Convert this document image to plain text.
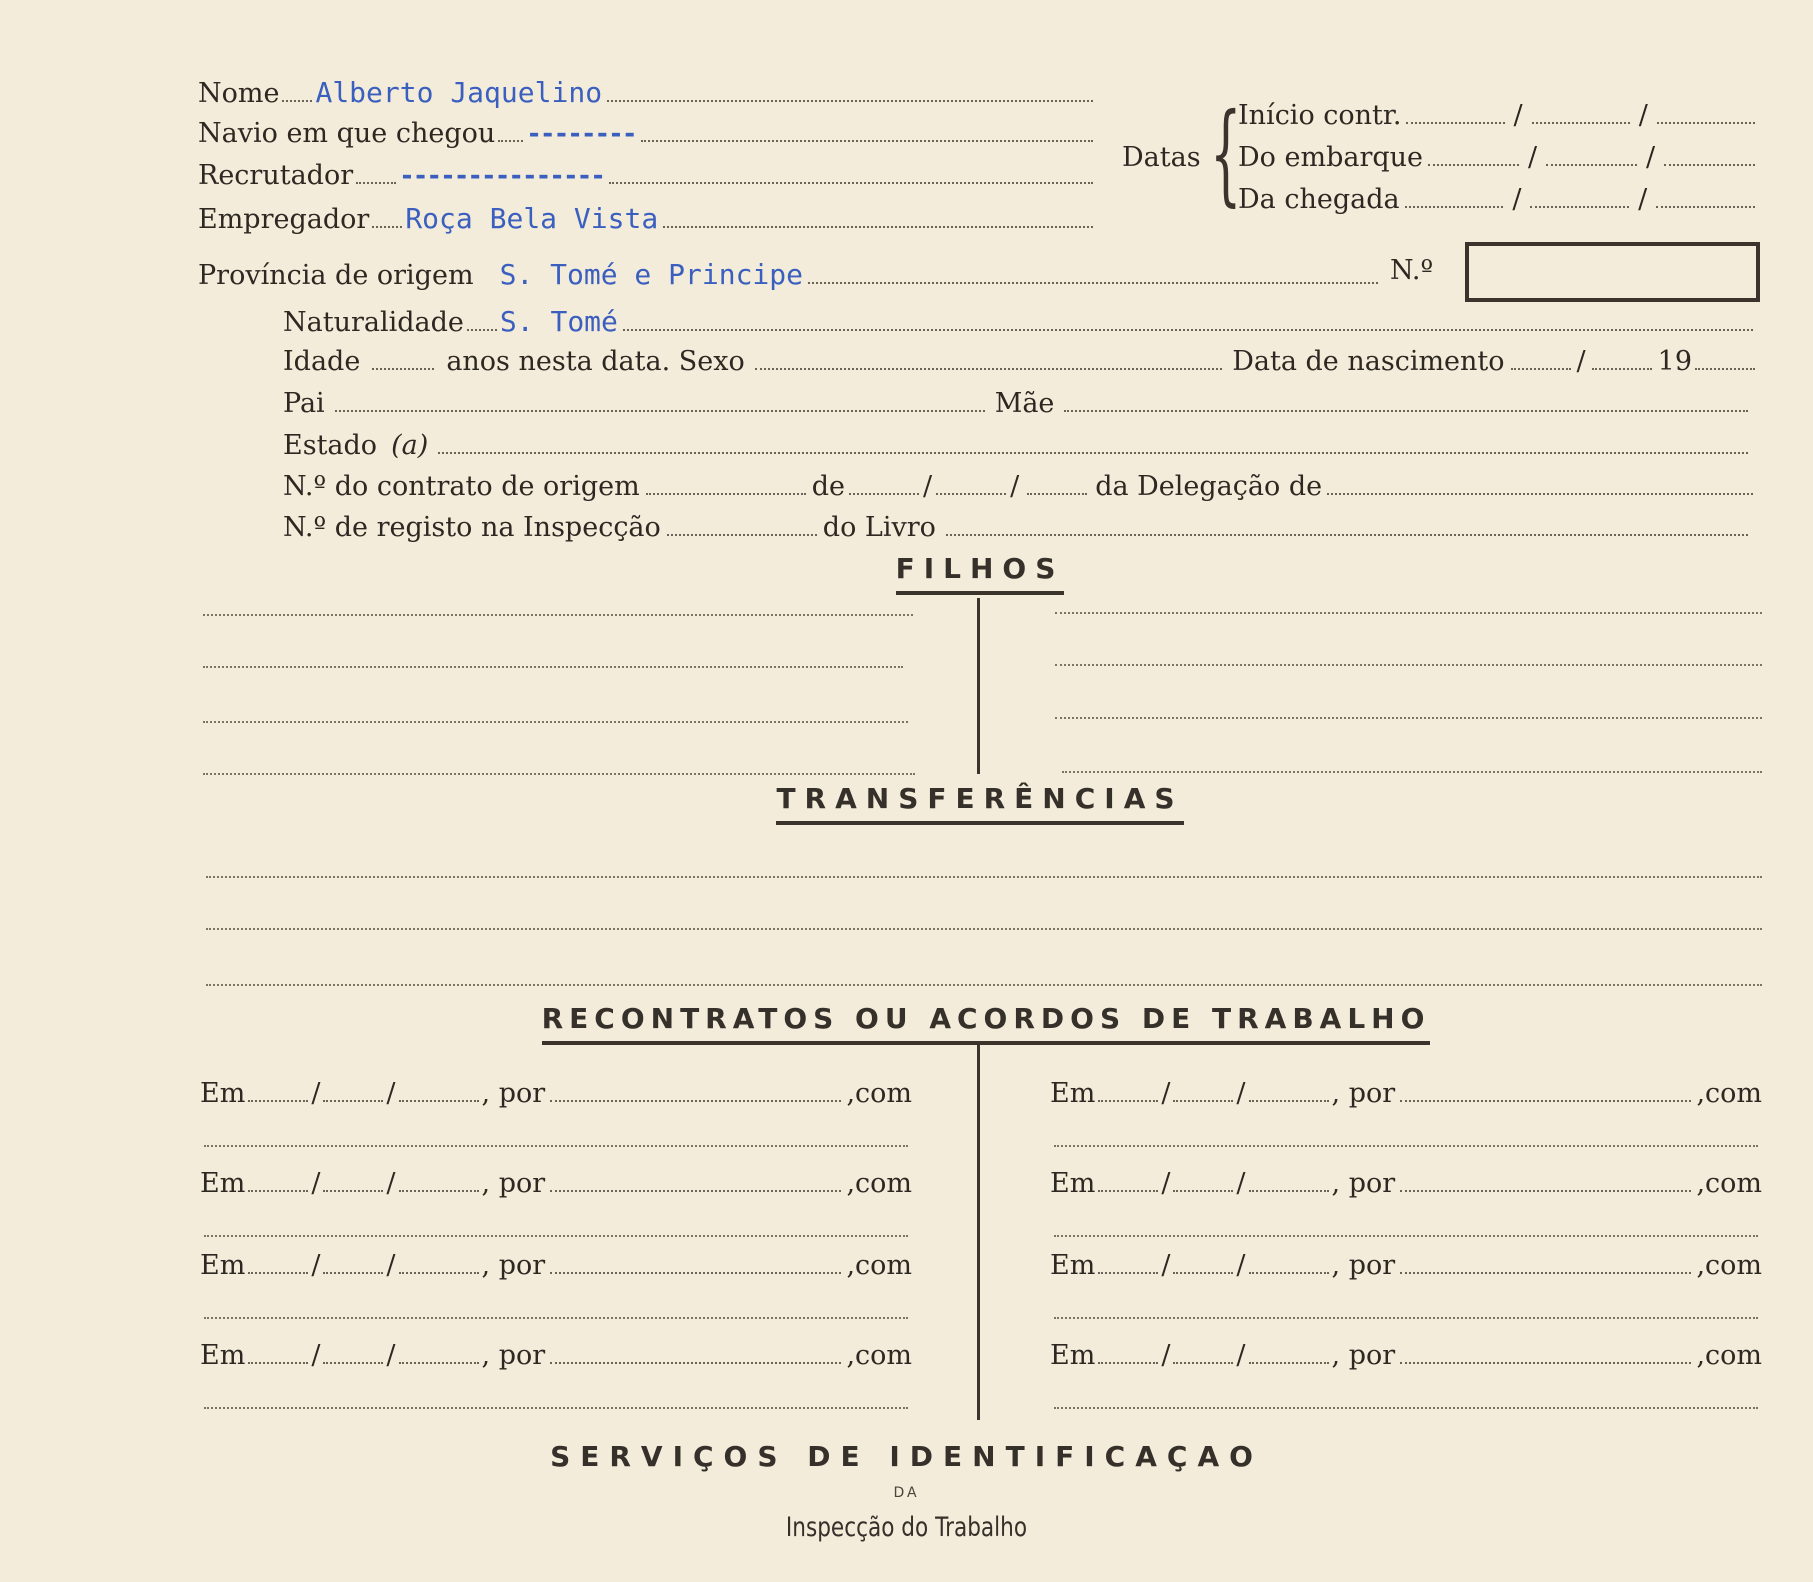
Nome Alberto Jaquelino
Navio em que chegou --------
Recrutador ---------------
Empregador Roça Bela Vista
Datas {
Início contr.	/	/
Do embarque	/	/
Da chegada	/	/
Província de origem S. Tomé e Principe	N.º
Naturalidade S. Tomé
Idade	anos nesta data. Sexo	Data de nascimento	/	19
Pai	Mãe
Estado (a)
N.º do contrato de origem	de	/	/	da Delegação de
N.º de registo na Inspecção	do Livro
FILHOS
TRANSFERÊNCIAS
RECONTRATOS OU ACORDOS DE TRABALHO
Em / /	, por	,com	Em / /	, por	,com
Em / /	, por	,com	Em / /	, por	,com
Em / /	, por	,com	Em / /	, por	,com
Em / /	, por	,com	Em / /	, por	,com
SERVIÇOS DE IDENTIFICAÇAO
DA
Inspecção do Trabalho
